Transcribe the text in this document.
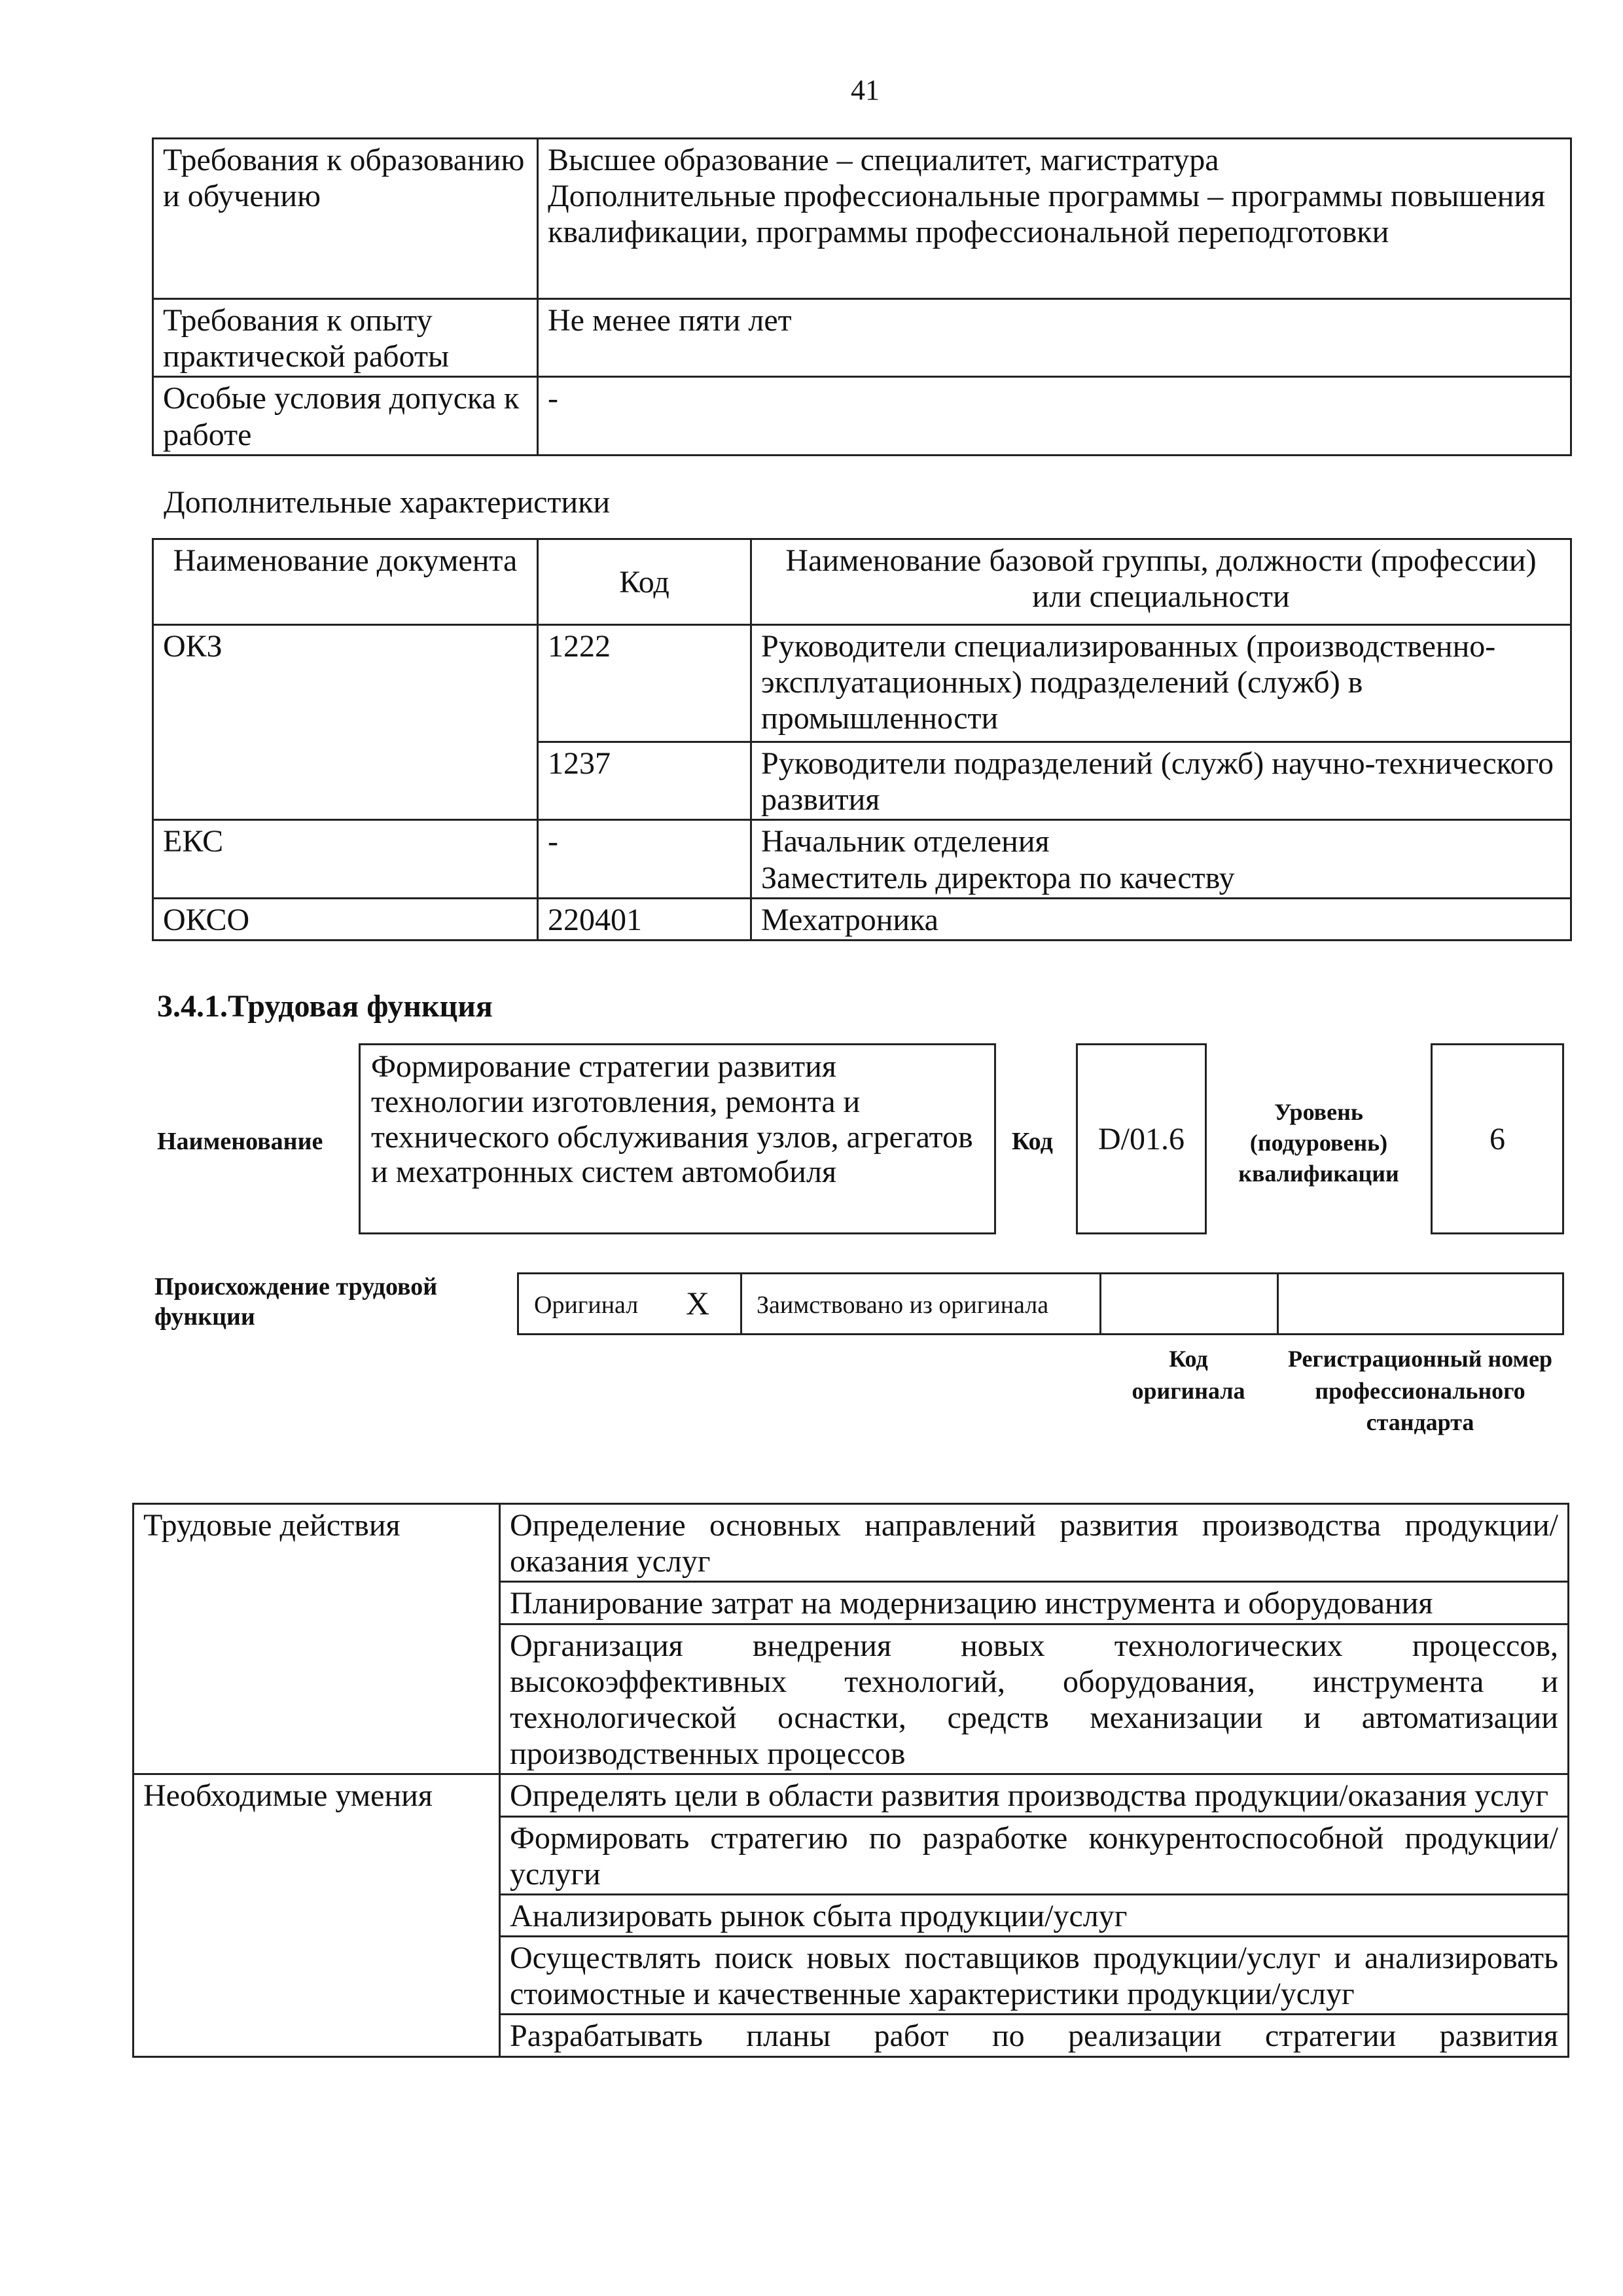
41
Требования к образованию и обучению	Высшее образование – специалитет, магистратура
Дополнительные профессиональные программы – программы повышения квалификации, программы профессиональной переподготовки

Требования к опыту практической работы	Не менее пяти лет
Особые условия допуска к работе	-
Дополнительные характеристики
Наименование документа	Код	Наименование базовой группы, должности (профессии) или специальности
ОКЗ	1222	Руководители специализированных (производственно-эксплуатационных) подразделений (служб) в промышленности
	1237	Руководители подразделений (служб) научно-технического развития
ЕКС	-	Начальник отделения
Заместитель директора по качеству

ОКСО	220401	Мехатроника
3.4.1.Трудовая функция
Наименование
Формирование стратегии развития технологии изготовления, ремонта и технического обслуживания узлов, агрегатов и мехатронных систем автомобиля
Код D/01.6
Уровень (подуровень) квалификации
6
Происхождение трудовой функции	Оригинал X Заимствовано из оригинала
Код оригинала
Регистрационный номер профессионального стандарта
Трудовые действия	Определение основных направлений развития производства продукции/оказания услуг
	Планирование затрат на модернизацию инструмента и оборудования
	Организация внедрения новых технологических процессов, высокоэффективных технологий, оборудования, инструмента и технологической оснастки, средств механизации и автоматизации производственных процессов
Необходимые умения	Определять цели в области развития производства продукции/оказания услуг
	Формировать стратегию по разработке конкурентоспособной продукции/услуги
	Анализировать рынок сбыта продукции/услуг
	Осуществлять поиск новых поставщиков продукции/услуг и анализировать стоимостные и качественные характеристики продукции/услуг
	Разрабатывать планы работ по реализации стратегии развития
